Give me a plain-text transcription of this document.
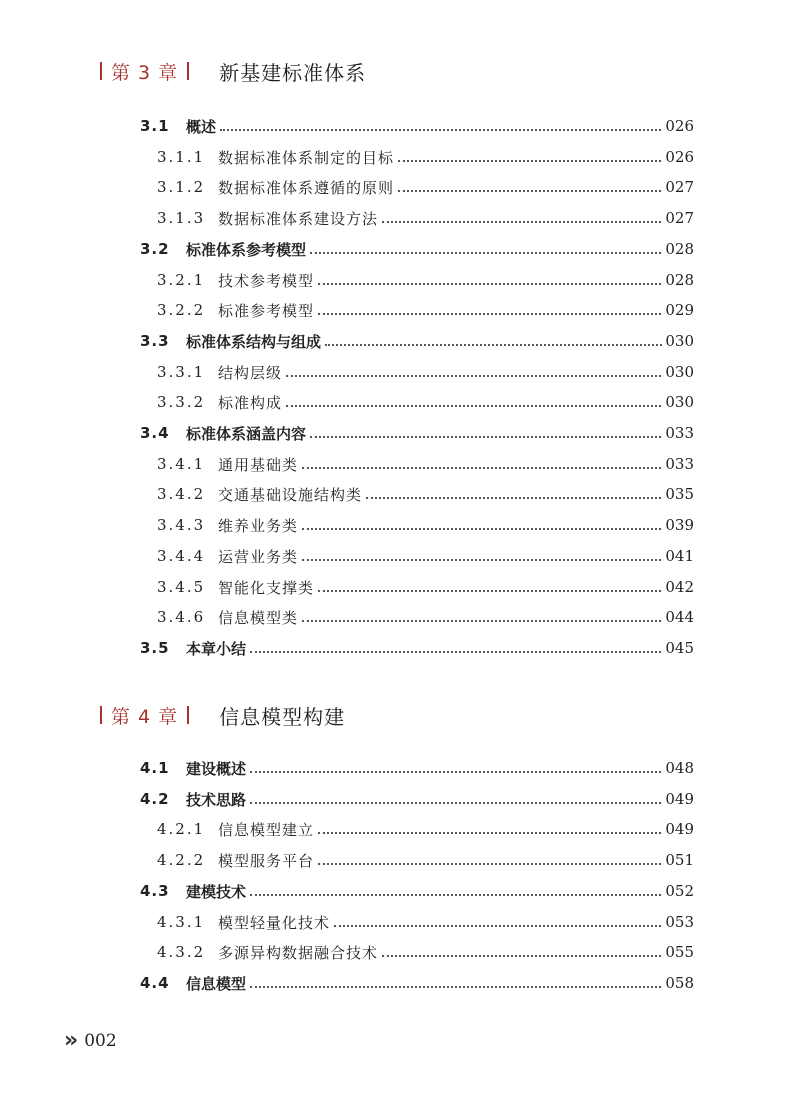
第 3 章 新基建标准体系
3.1 概述	026
3.1.1 数据标准体系制定的目标	026
3.1.2 数据标准体系遵循的原则	027
3.1.3 数据标准体系建设方法	027
3.2 标准体系参考模型	028
3.2.1 技术参考模型	028
3.2.2 标准参考模型	029
3.3 标准体系结构与组成	030
3.3.1 结构层级	030
3.3.2 标准构成	030
3.4 标准体系涵盖内容	033
3.4.1 通用基础类	033
3.4.2 交通基础设施结构类	035
3.4.3 维养业务类	039
3.4.4 运营业务类	041
3.4.5 智能化支撑类	042
3.4.6 信息模型类	044
3.5 本章小结	045
第 4 章 信息模型构建
4.1 建设概述	048
4.2 技术思路	049
4.2.1 信息模型建立	049
4.2.2 模型服务平台	051
4.3 建模技术	052
4.3.1 模型轻量化技术	053
4.3.2 多源异构数据融合技术	055
4.4 信息模型	058
» 002
